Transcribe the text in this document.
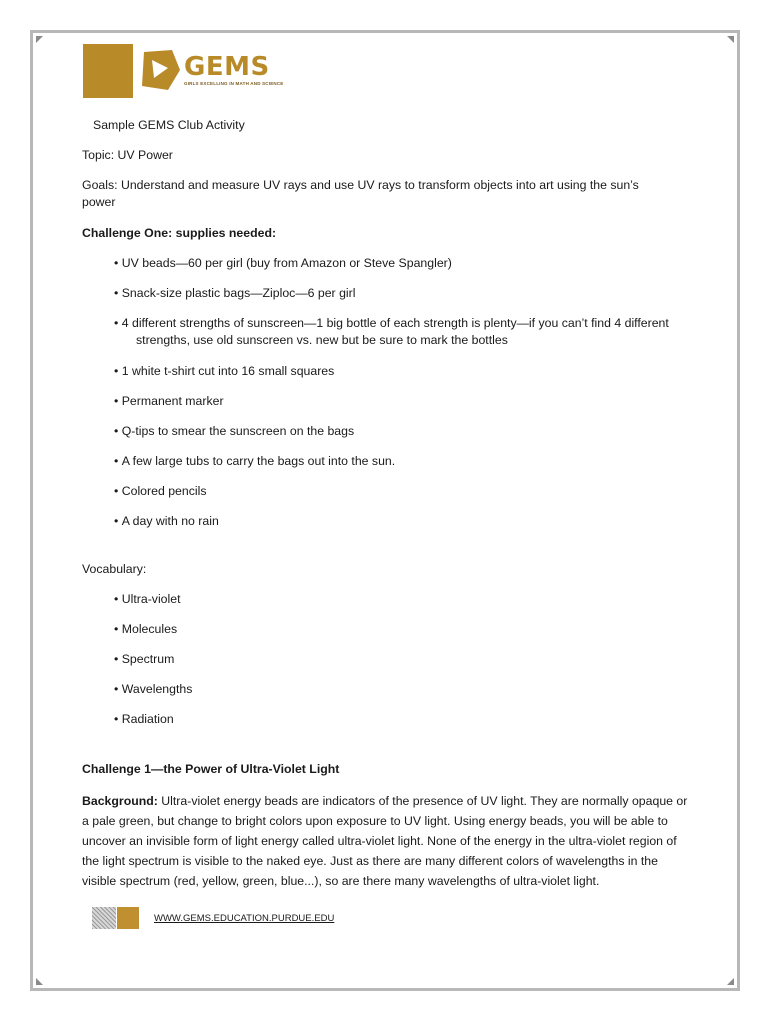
GEMS
GIRLS EXCELLING IN MATH AND SCIENCE
Sample GEMS Club Activity
Topic: UV Power
Goals: Understand and measure UV rays and use UV rays to transform objects into art using the sun’s power
Challenge One: supplies needed:
• UV beads—60 per girl (buy from Amazon or Steve Spangler)
• Snack-size plastic bags—Ziploc—6 per girl
• 4 different strengths of sunscreen—1 big bottle of each strength is plenty—if you can’t find 4 different strengths, use old sunscreen vs. new but be sure to mark the bottles
• 1 white t-shirt cut into 16 small squares
• Permanent marker
• Q-tips to smear the sunscreen on the bags
• A few large tubs to carry the bags out into the sun.
• Colored pencils
• A day with no rain
Vocabulary:
• Ultra-violet
• Molecules
• Spectrum
• Wavelengths
• Radiation
Challenge 1—the Power of Ultra-Violet Light
Background: Ultra-violet energy beads are indicators of the presence of UV light. They are normally opaque or a pale green, but change to bright colors upon exposure to UV light. Using energy beads, you will be able to uncover an invisible form of light energy called ultra-violet light. None of the energy in the ultra-violet region of the light spectrum is visible to the naked eye. Just as there are many different colors of wavelengths in the visible spectrum (red, yellow, green, blue...), so are there many wavelengths of ultra-violet light.
WWW.GEMS.EDUCATION.PURDUE.EDU
